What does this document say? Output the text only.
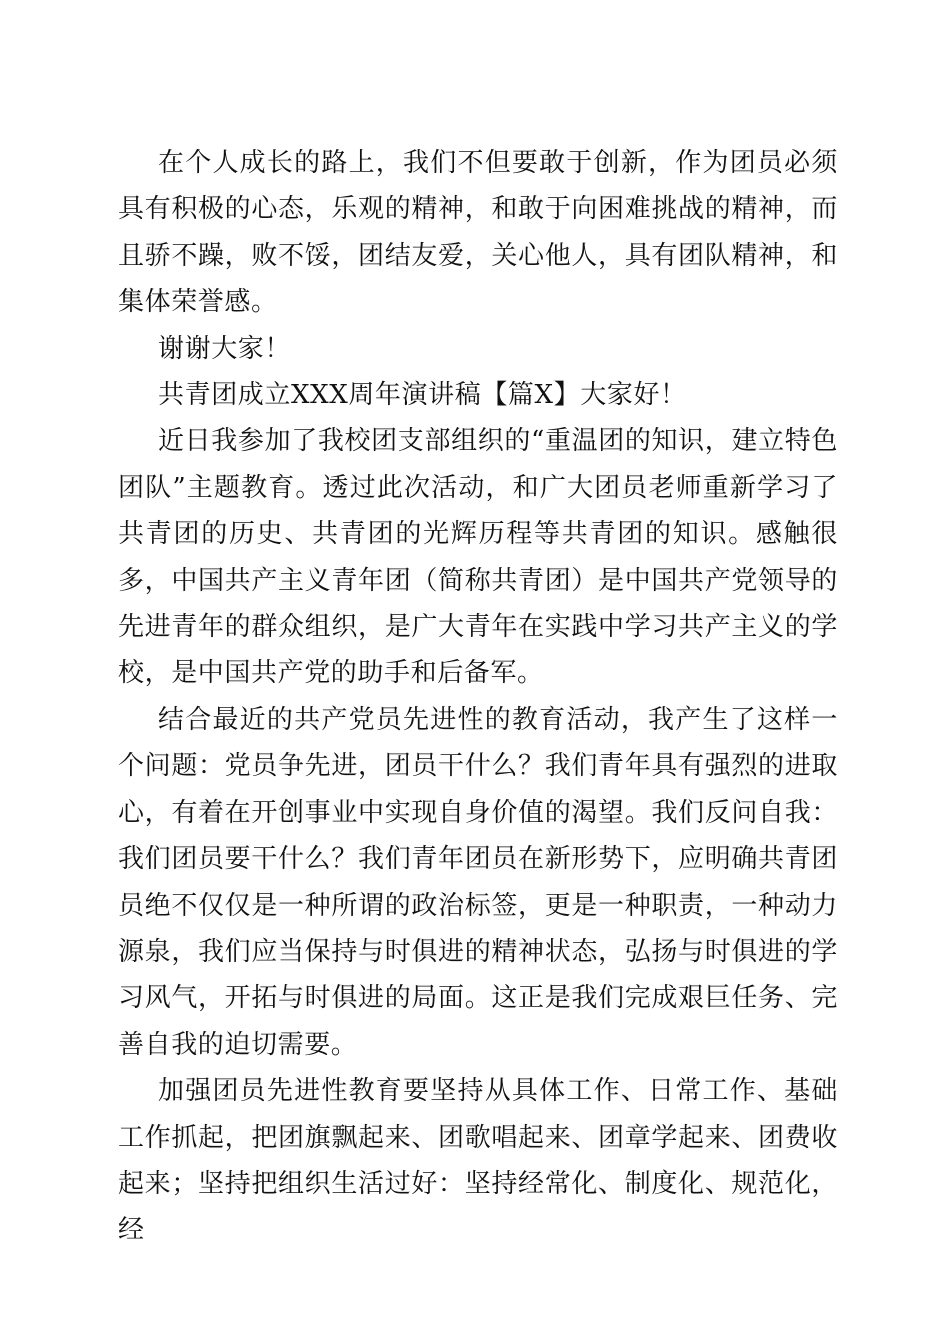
在个人成长的路上，我们不但要敢于创新，作为团员必须具有积极的心态，乐观的精神，和敢于向困难挑战的精神，而且骄不躁，败不馁，团结友爱，关心他人，具有团队精神，和集体荣誉感。

谢谢大家！

共青团成立XXX周年演讲稿【篇X】大家好！

近日我参加了我校团支部组织的“重温团的知识，建立特色团队”主题教育。透过此次活动，和广大团员老师重新学习了共青团的历史、共青团的光辉历程等共青团的知识。感触很多，中国共产主义青年团（简称共青团）是中国共产党领导的先进青年的群众组织，是广大青年在实践中学习共产主义的学校，是中国共产党的助手和后备军。

结合最近的共产党员先进性的教育活动，我产生了这样一个问题：党员争先进，团员干什么？我们青年具有强烈的进取心，有着在开创事业中实现自身价值的渴望。我们反问自我：我们团员要干什么？我们青年团员在新形势下，应明确共青团员绝不仅仅是一种所谓的政治标签，更是一种职责，一种动力源泉，我们应当保持与时俱进的精神状态，弘扬与时俱进的学习风气，开拓与时俱进的局面。这正是我们完成艰巨任务、完善自我的迫切需要。

加强团员先进性教育要坚持从具体工作、日常工作、基础工作抓起，把团旗飘起来、团歌唱起来、团章学起来、团费收起来；坚持把组织生活过好：坚持经常化、制度化、规范化，经
